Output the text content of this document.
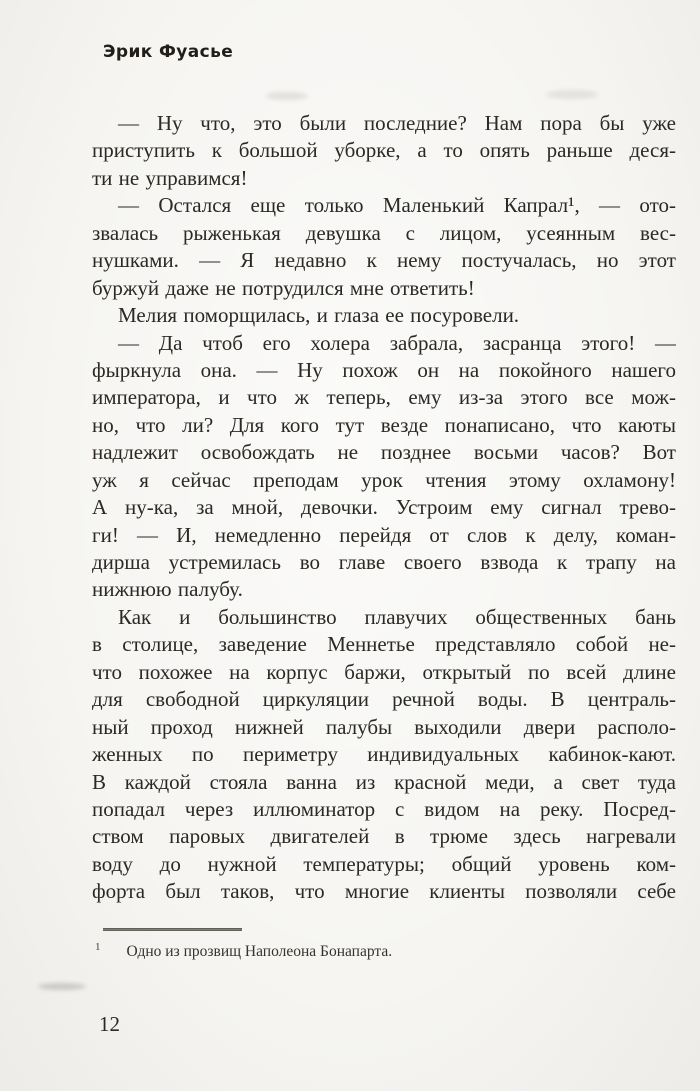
Эрик Фуасье
— Ну что, это были последние? Нам пора бы уже
приступить к большой уборке, а то опять раньше деся-
ти не управимся!
— Остался еще только Маленький Капрал¹, — ото-
звалась рыженькая девушка с лицом, усеянным вес-
нушками. — Я недавно к нему постучалась, но этот
буржуй даже не потрудился мне ответить!
Мелия поморщилась, и глаза ее посуровели.
— Да чтоб его холера забрала, засранца этого! —
фыркнула она. — Ну похож он на покойного нашего
императора, и что ж теперь, ему из-за этого все мож-
но, что ли? Для кого тут везде понаписано, что каюты
надлежит освобождать не позднее восьми часов? Вот
уж я сейчас преподам урок чтения этому охламону!
А ну-ка, за мной, девочки. Устроим ему сигнал трево-
ги! — И, немедленно перейдя от слов к делу, коман-
дирша устремилась во главе своего взвода к трапу на
нижнюю палубу.
Как и большинство плавучих общественных бань
в столице, заведение Меннетье представляло собой не-
что похожее на корпус баржи, открытый по всей длине
для свободной циркуляции речной воды. В централь-
ный проход нижней палубы выходили двери располо-
женных по периметру индивидуальных кабинок-кают.
В каждой стояла ванна из красной меди, а свет туда
попадал через иллюминатор с видом на реку. Посред-
ством паровых двигателей в трюме здесь нагревали
воду до нужной температуры; общий уровень ком-
форта был таков, что многие клиенты позволяли себе
1 Одно из прозвищ Наполеона Бонапарта.
12
